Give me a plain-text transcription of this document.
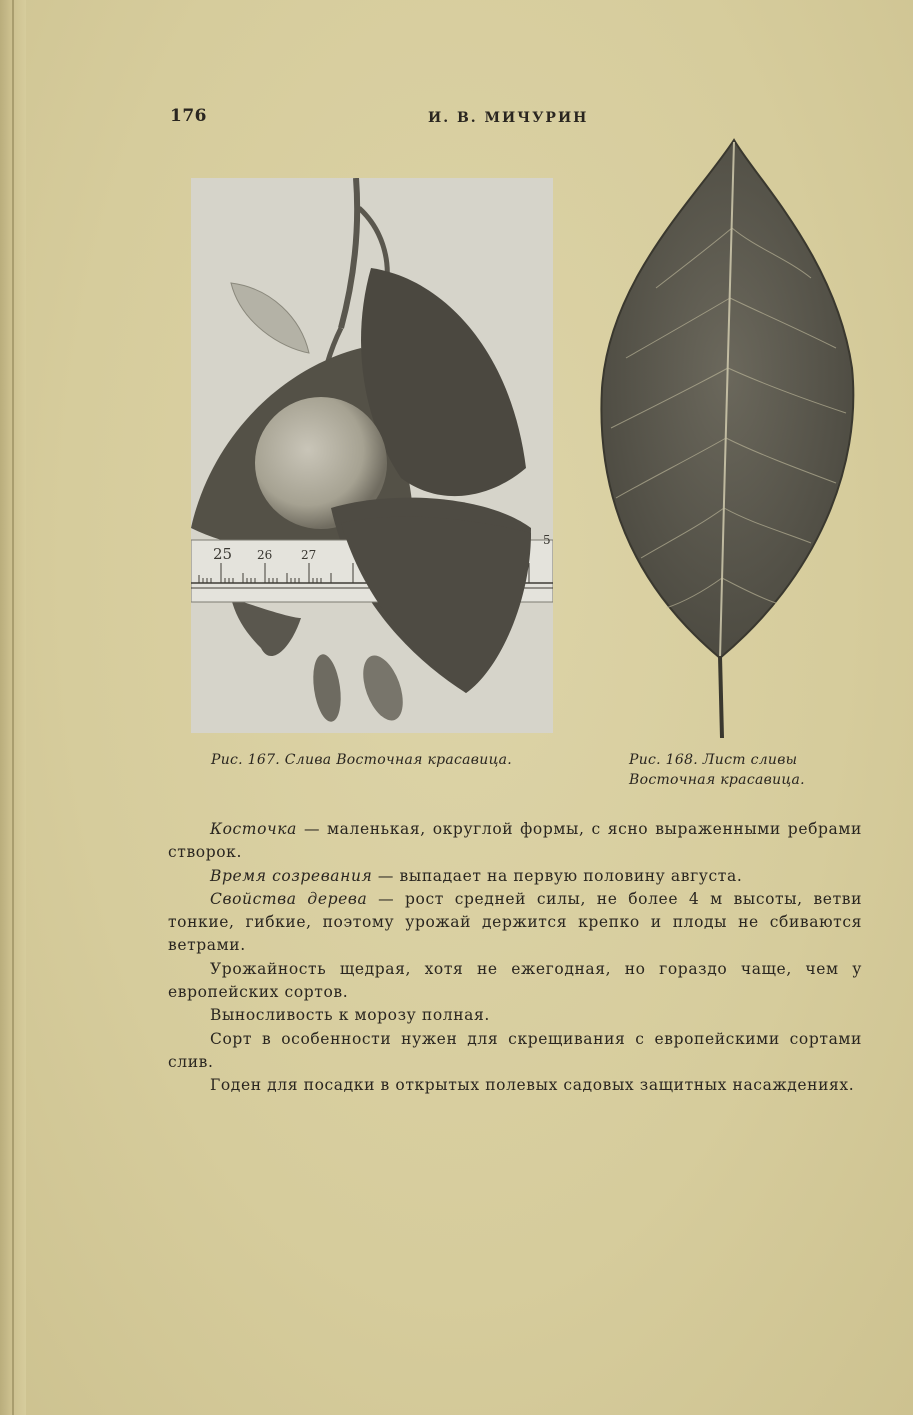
176	И. В. МИЧУРИН
25 26 27
5
Рис. 167. Слива Восточная красавица.	Рис. 168. Лист сливы
Восточная красавица.

Косточка — маленькая, округлой формы, с ясно выраженными ребрами створок.

Время созревания — выпадает на первую половину августа.

Свойства дерева — рост средней силы, не более 4 м высоты, ветви тонкие, гибкие, поэтому урожай держится крепко и плоды не сбиваются ветрами.

Урожайность щедрая, хотя не ежегодная, но гораздо чаще, чем у европейских сортов.

Выносливость к морозу полная.

Сорт в особенности нужен для скрещивания с европейскими сортами слив.

Годен для посадки в открытых полевых садовых защитных насаждениях.
